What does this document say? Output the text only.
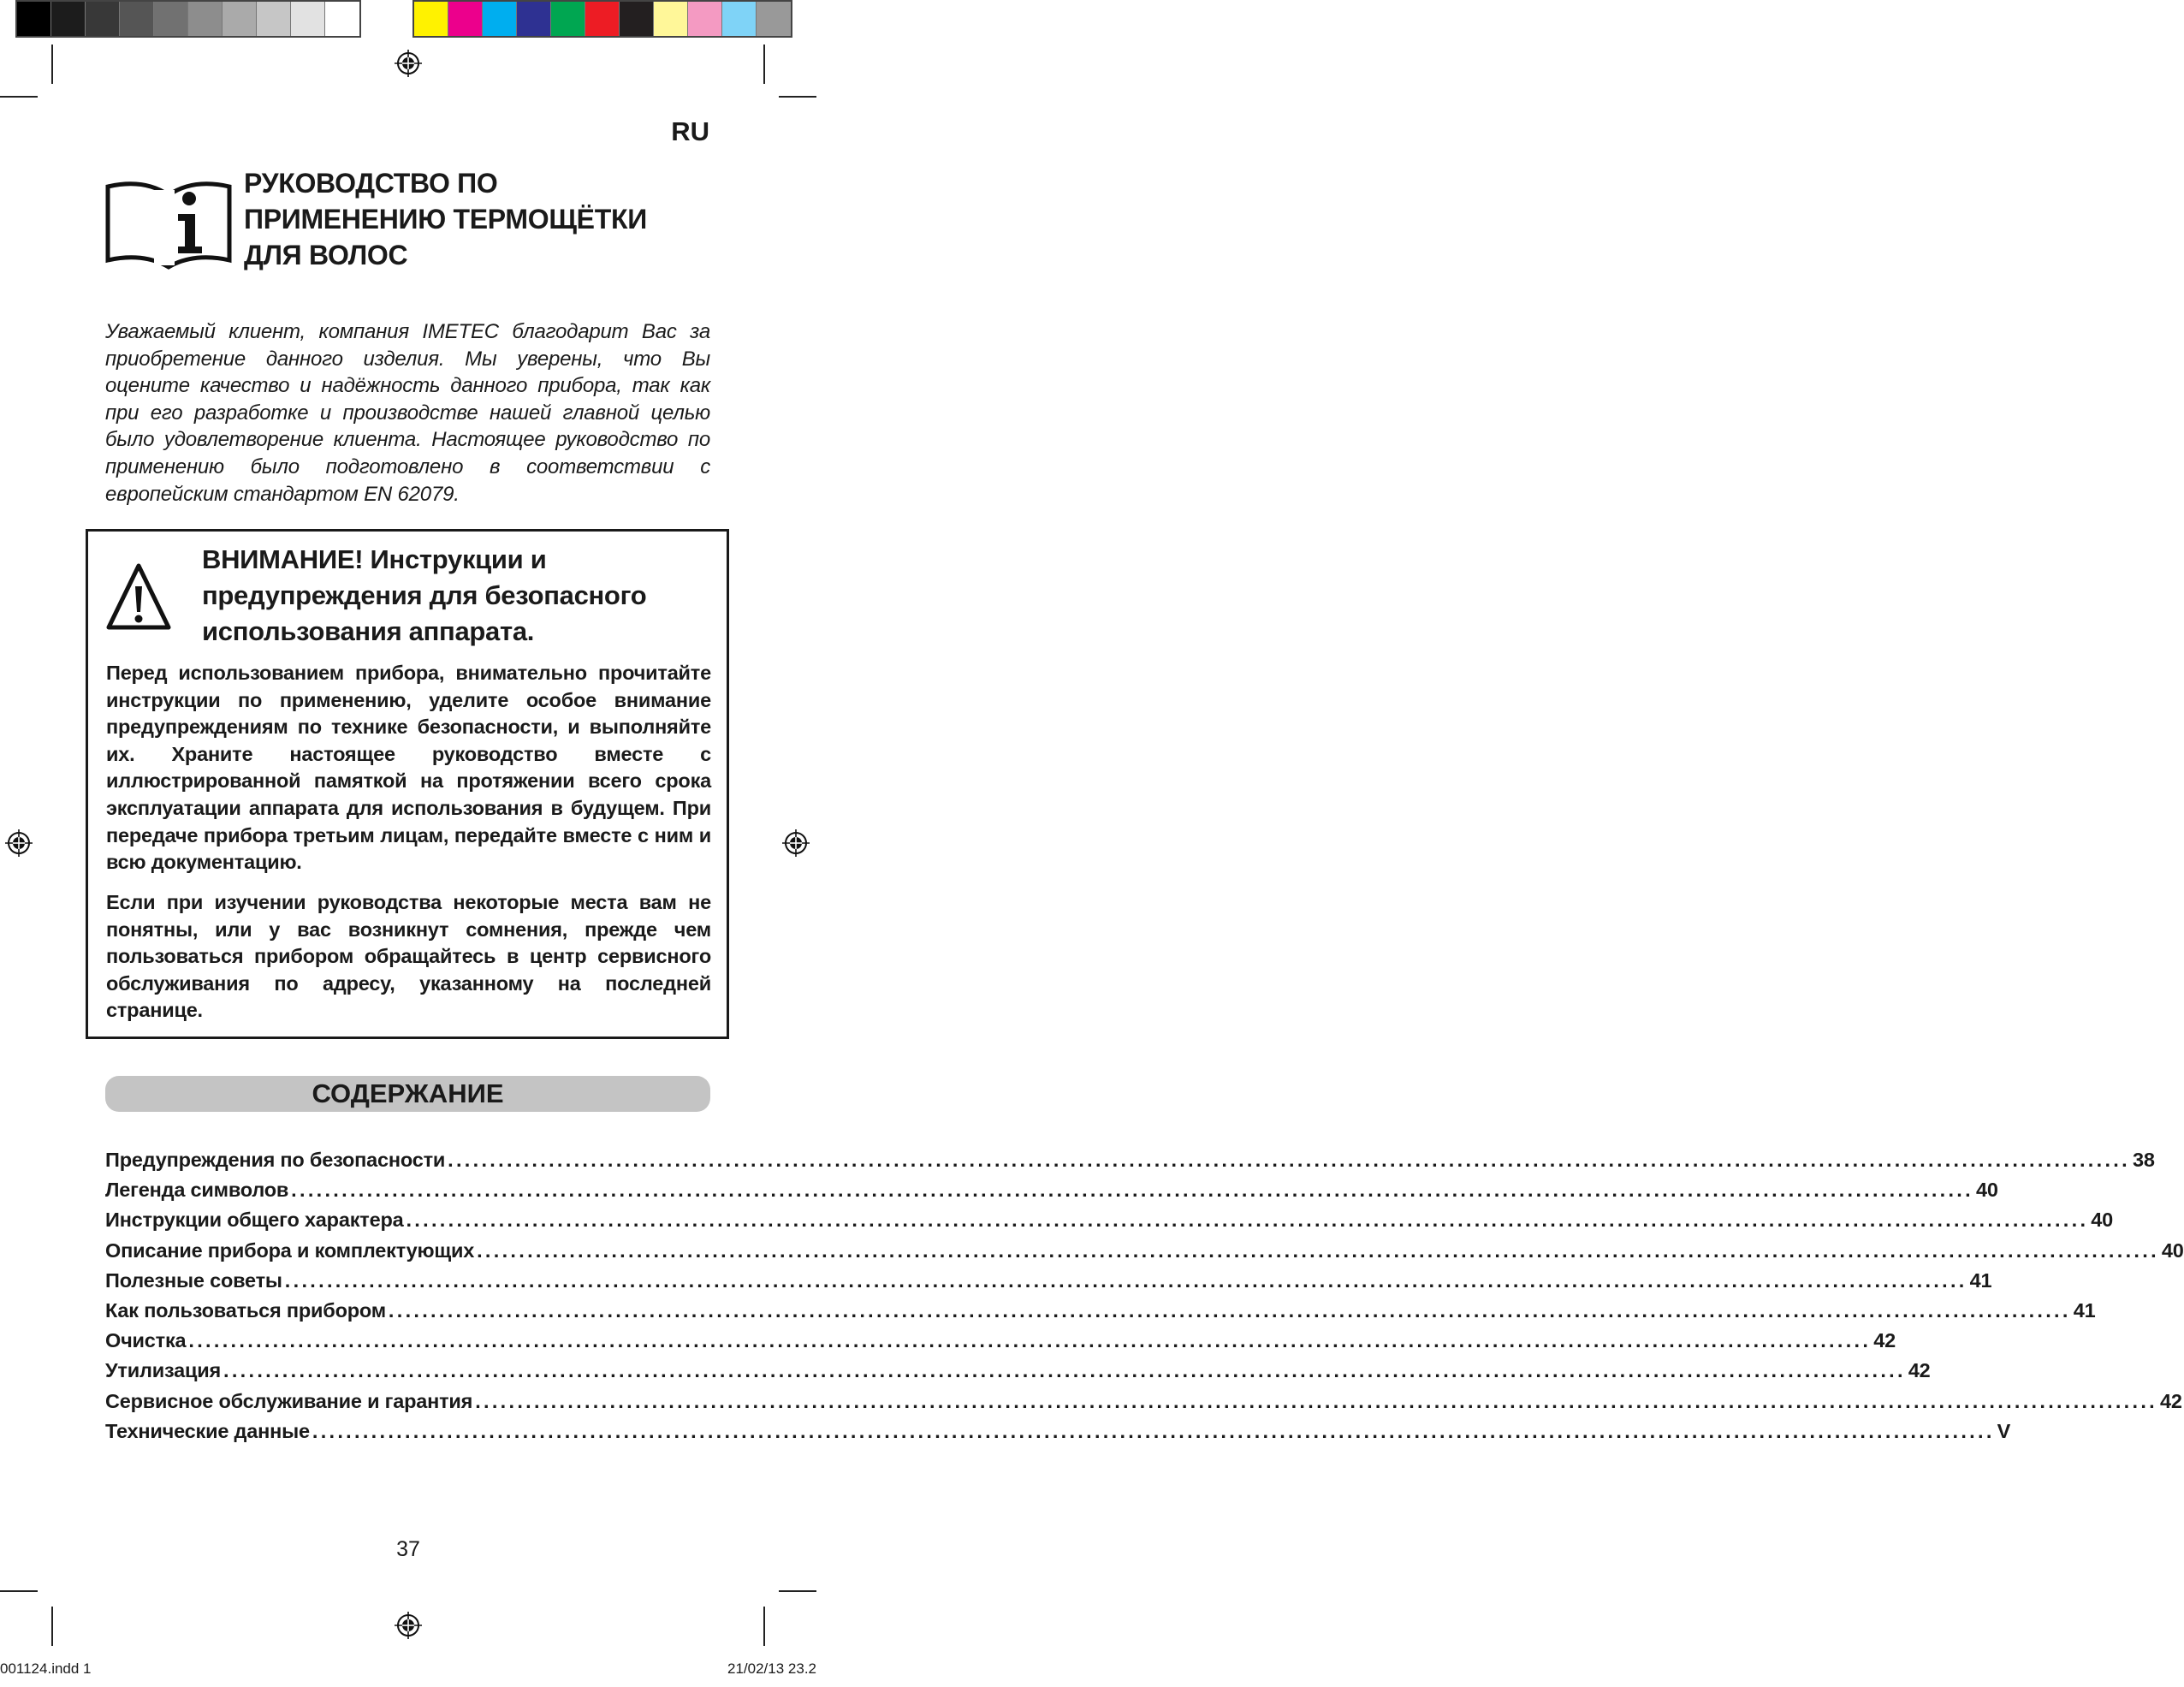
RU
РУКОВОДСТВО ПО
ПРИМЕНЕНИЮ ТЕРМОЩЁТКИ
ДЛЯ ВОЛОС
Уважаемый клиент, компания IMETEC благодарит Вас за приобретение данного изделия. Мы уверены, что Вы оцените качество и надёжность данного прибора, так как при его разработке и производстве нашей главной целью было удовлетворение клиента. Настоящее руководство по применению было подготовлено в соответствии с европейским стандартом EN 62079.
ВНИМАНИЕ! Инструкции и
предупреждения для безопасного
использования аппарата.
Перед использованием прибора, внимательно прочитайте инструкции по применению, уделите особое внимание предупреждениям по технике безопасности, и выполняйте их. Храните настоящее руководство вместе с иллюстрированной памяткой на протяжении всего срока эксплуатации аппарата для использования в будущем. При передаче прибора третьим лицам, передайте вместе с ним и всю документацию.
Если при изучении руководства некоторые места вам не понятны, или у вас возникнут сомнения, прежде чем пользоваться прибором обращайтесь в центр сервисного обслуживания по адресу, указанному на последней странице.
СОДЕРЖАНИЕ
Предупреждения по безопасности ........................................................................................................................................................................................................ 38
Легенда символов ........................................................................................................................................................................................................ 40
Инструкции общего характера ........................................................................................................................................................................................................ 40
Описание прибора и комплектующих ........................................................................................................................................................................................................ 40
Полезные советы ........................................................................................................................................................................................................ 41
Как пользоваться прибором ........................................................................................................................................................................................................ 41
Очистка ........................................................................................................................................................................................................ 42
Утилизация ........................................................................................................................................................................................................ 42
Сервисное обслуживание и гарантия ........................................................................................................................................................................................................ 42
Технические данные ........................................................................................................................................................................................................ V
37
001124.indd 1	21/02/13 23.2
